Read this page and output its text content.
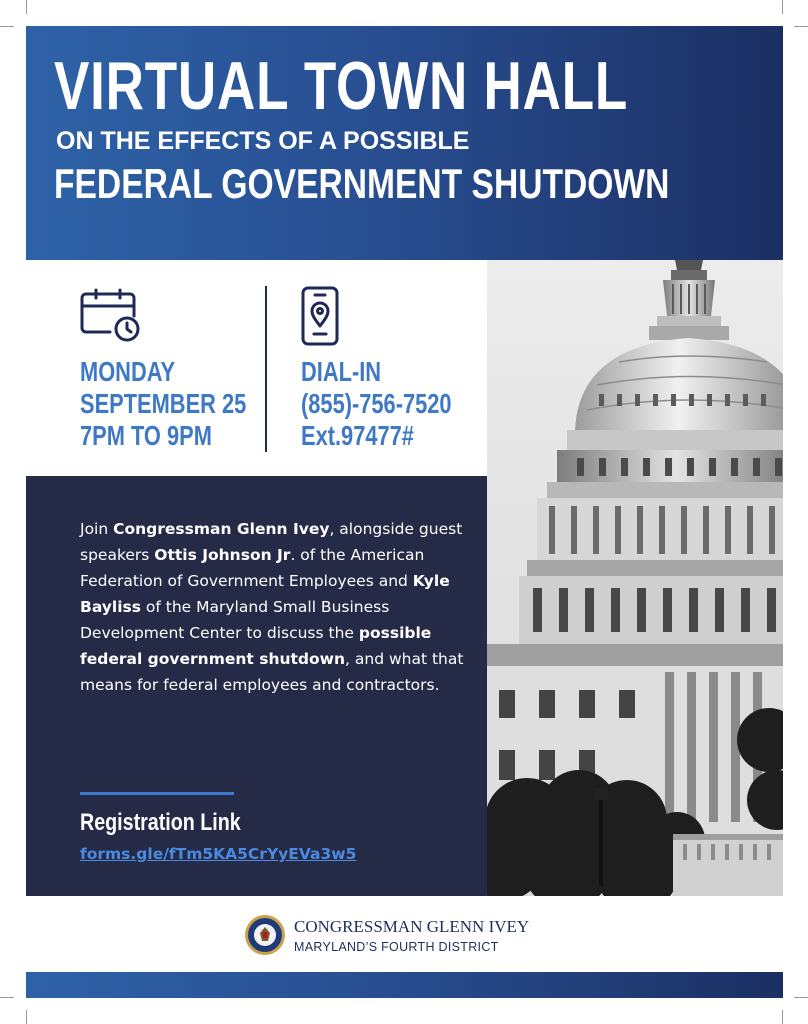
VIRTUAL TOWN HALL
ON THE EFFECTS OF A POSSIBLE
FEDERAL GOVERNMENT SHUTDOWN
MONDAY
SEPTEMBER 25
7PM TO 9PM
DIAL-IN
(855)-756-7520
Ext.97477#

Join Congressman Glenn Ivey, alongside guest speakers Ottis Johnson Jr. of the American Federation of Government Employees and Kyle Bayliss of the Maryland Small Business Development Center to discuss the possible federal government shutdown, and what that means for federal employees and contractors.

Registration Link
forms.gle/fTm5KA5CrYyEVa3w5
CONGRESSMAN GLENN IVEY
MARYLAND’S FOURTH DISTRICT
